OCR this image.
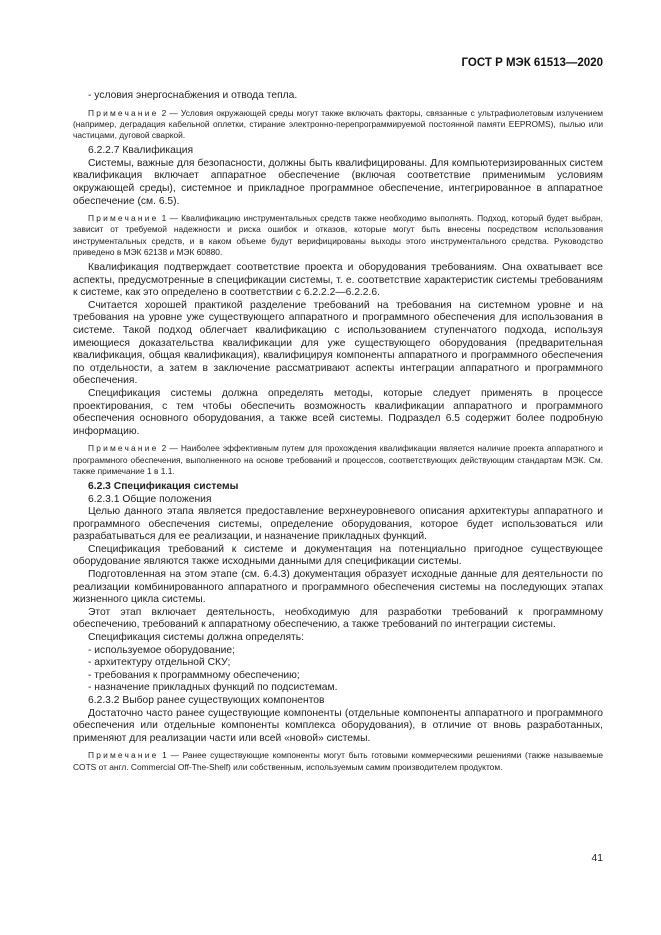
ГОСТ Р МЭК 61513—2020

- условия энергоснабжения и отвода тепла.

Примечание 2 — Условия окружающей среды могут также включать факторы, связанные с ультрафиолетовым излучением (например, деградация кабельной оплетки, стирание электронно-перепрограммируемой постоянной памяти EEPROMS), пылью или частицами, дуговой сваркой.

6.2.2.7 Квалификация

Системы, важные для безопасности, должны быть квалифицированы. Для компьютеризированных систем квалификация включает аппаратное обеспечение (включая соответствие применимым условиям окружающей среды), системное и прикладное программное обеспечение, интегрированное в аппаратное обеспечение (см. 6.5).

Примечание 1 — Квалификацию инструментальных средств также необходимо выполнять. Подход, который будет выбран, зависит от требуемой надежности и риска ошибок и отказов, которые могут быть внесены посредством использования инструментальных средств, и в каком объеме будут верифицированы выходы этого инструментального средства. Руководство приведено в МЭК 62138 и МЭК 60880.

Квалификация подтверждает соответствие проекта и оборудования требованиям. Она охватывает все аспекты, предусмотренные в спецификации системы, т. е. соответствие характеристик системы требованиям к системе, как это определено в соответствии с 6.2.2.2—6.2.2.6.

Считается хорошей практикой разделение требований на требования на системном уровне и на требования на уровне уже существующего аппаратного и программного обеспечения для использования в системе. Такой подход облегчает квалификацию с использованием ступенчатого подхода, используя имеющиеся доказательства квалификации для уже существующего оборудования (предварительная квалификация, общая квалификация), квалифицируя компоненты аппаратного и программного обеспечения по отдельности, а затем в заключение рассматривают аспекты интеграции аппаратного и программного обеспечения.

Спецификация системы должна определять методы, которые следует применять в процессе проектирования, с тем чтобы обеспечить возможность квалификации аппаратного и программного обеспечения основного оборудования, а также всей системы. Подраздел 6.5 содержит более подробную информацию.

Примечание 2 — Наиболее эффективным путем для прохождения квалификации является наличие проекта аппаратного и программного обеспечения, выполненного на основе требований и процессов, соответствующих действующим стандартам МЭК. См. также примечание 1 в 1.1.

6.2.3 Спецификация системы

6.2.3.1 Общие положения

Целью данного этапа является предоставление верхнеуровневого описания архитектуры аппаратного и программного обеспечения системы, определение оборудования, которое будет использоваться или разрабатываться для ее реализации, и назначение прикладных функций.

Спецификация требований к системе и документация на потенциально пригодное существующее оборудование являются также исходными данными для спецификации системы.

Подготовленная на этом этапе (см. 6.4.3) документация образует исходные данные для деятельности по реализации комбинированного аппаратного и программного обеспечения системы на последующих этапах жизненного цикла системы.

Этот этап включает деятельность, необходимую для разработки требований к программному обеспечению, требований к аппаратному обеспечению, а также требований по интеграции системы.

Спецификация системы должна определять:

- используемое оборудование;

- архитектуру отдельной СКУ;

- требования к программному обеспечению;

- назначение прикладных функций по подсистемам.

6.2.3.2 Выбор ранее существующих компонентов

Достаточно часто ранее существующие компоненты (отдельные компоненты аппаратного и программного обеспечения или отдельные компоненты комплекса оборудования), в отличие от вновь разработанных, применяют для реализации части или всей «новой» системы.

Примечание 1 — Ранее существующие компоненты могут быть готовыми коммерческими решениями (также называемые COTS от англ. Commercial Off-The-Shelf) или собственным, используемым самим производителем продуктом.

41
